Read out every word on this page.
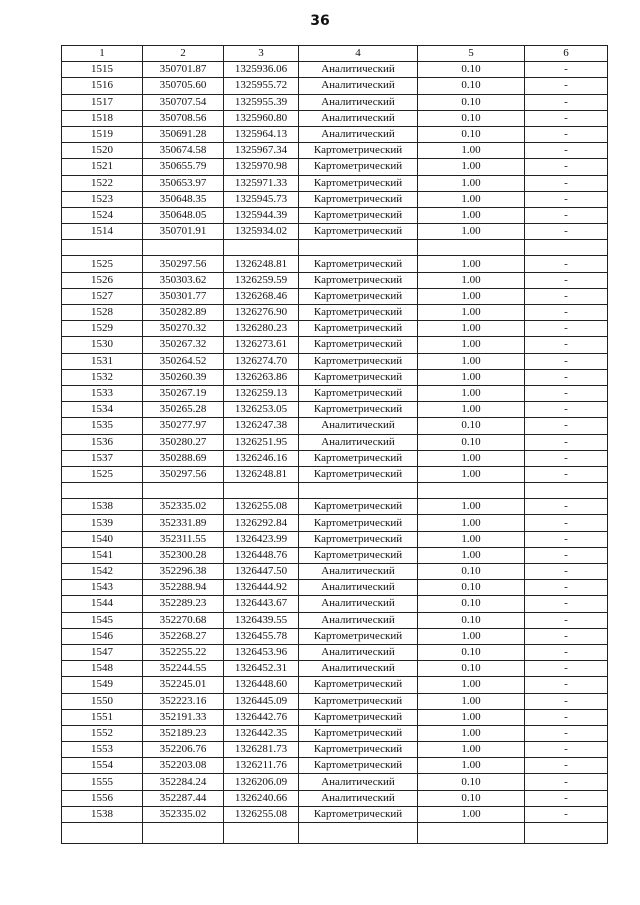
36
1	2	3	4	5	6
1515	350701.87	1325936.06	Аналитический	0.10	-
1516	350705.60	1325955.72	Аналитический	0.10	-
1517	350707.54	1325955.39	Аналитический	0.10	-
1518	350708.56	1325960.80	Аналитический	0.10	-
1519	350691.28	1325964.13	Аналитический	0.10	-
1520	350674.58	1325967.34	Картометрический	1.00	-
1521	350655.79	1325970.98	Картометрический	1.00	-
1522	350653.97	1325971.33	Картометрический	1.00	-
1523	350648.35	1325945.73	Картометрический	1.00	-
1524	350648.05	1325944.39	Картометрический	1.00	-
1514	350701.91	1325934.02	Картометрический	1.00	-

1525	350297.56	1326248.81	Картометрический	1.00	-
1526	350303.62	1326259.59	Картометрический	1.00	-
1527	350301.77	1326268.46	Картометрический	1.00	-
1528	350282.89	1326276.90	Картометрический	1.00	-
1529	350270.32	1326280.23	Картометрический	1.00	-
1530	350267.32	1326273.61	Картометрический	1.00	-
1531	350264.52	1326274.70	Картометрический	1.00	-
1532	350260.39	1326263.86	Картометрический	1.00	-
1533	350267.19	1326259.13	Картометрический	1.00	-
1534	350265.28	1326253.05	Картометрический	1.00	-
1535	350277.97	1326247.38	Аналитический	0.10	-
1536	350280.27	1326251.95	Аналитический	0.10	-
1537	350288.69	1326246.16	Картометрический	1.00	-
1525	350297.56	1326248.81	Картометрический	1.00	-

1538	352335.02	1326255.08	Картометрический	1.00	-
1539	352331.89	1326292.84	Картометрический	1.00	-
1540	352311.55	1326423.99	Картометрический	1.00	-
1541	352300.28	1326448.76	Картометрический	1.00	-
1542	352296.38	1326447.50	Аналитический	0.10	-
1543	352288.94	1326444.92	Аналитический	0.10	-
1544	352289.23	1326443.67	Аналитический	0.10	-
1545	352270.68	1326439.55	Аналитический	0.10	-
1546	352268.27	1326455.78	Картометрический	1.00	-
1547	352255.22	1326453.96	Аналитический	0.10	-
1548	352244.55	1326452.31	Аналитический	0.10	-
1549	352245.01	1326448.60	Картометрический	1.00	-
1550	352223.16	1326445.09	Картометрический	1.00	-
1551	352191.33	1326442.76	Картометрический	1.00	-
1552	352189.23	1326442.35	Картометрический	1.00	-
1553	352206.76	1326281.73	Картометрический	1.00	-
1554	352203.08	1326211.76	Картометрический	1.00	-
1555	352284.24	1326206.09	Аналитический	0.10	-
1556	352287.44	1326240.66	Аналитический	0.10	-
1538	352335.02	1326255.08	Картометрический	1.00	-
